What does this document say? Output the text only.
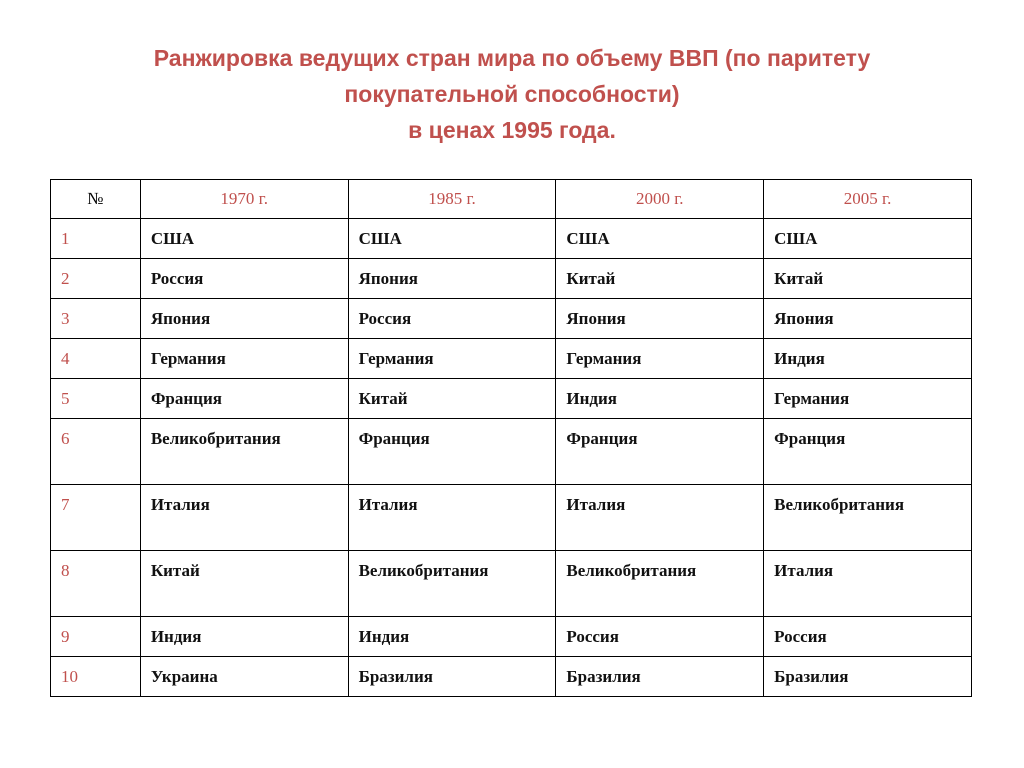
Ранжировка ведущих стран мира по объему ВВП (по паритету
покупательной способности)
в ценах 1995 года.
№	1970 г.	1985 г.	2000 г.	2005 г.
1	США	США	США	США
2	Россия	Япония	Китай	Китай
3	Япония	Россия	Япония	Япония
4	Германия	Германия	Германия	Индия
5	Франция	Китай	Индия	Германия
6	Великобритания	Франция	Франция	Франция
7	Италия	Италия	Италия	Великобритания
8	Китай	Великобритания	Великобритания	Италия
9	Индия	Индия	Россия	Россия
10	Украина	Бразилия	Бразилия	Бразилия
